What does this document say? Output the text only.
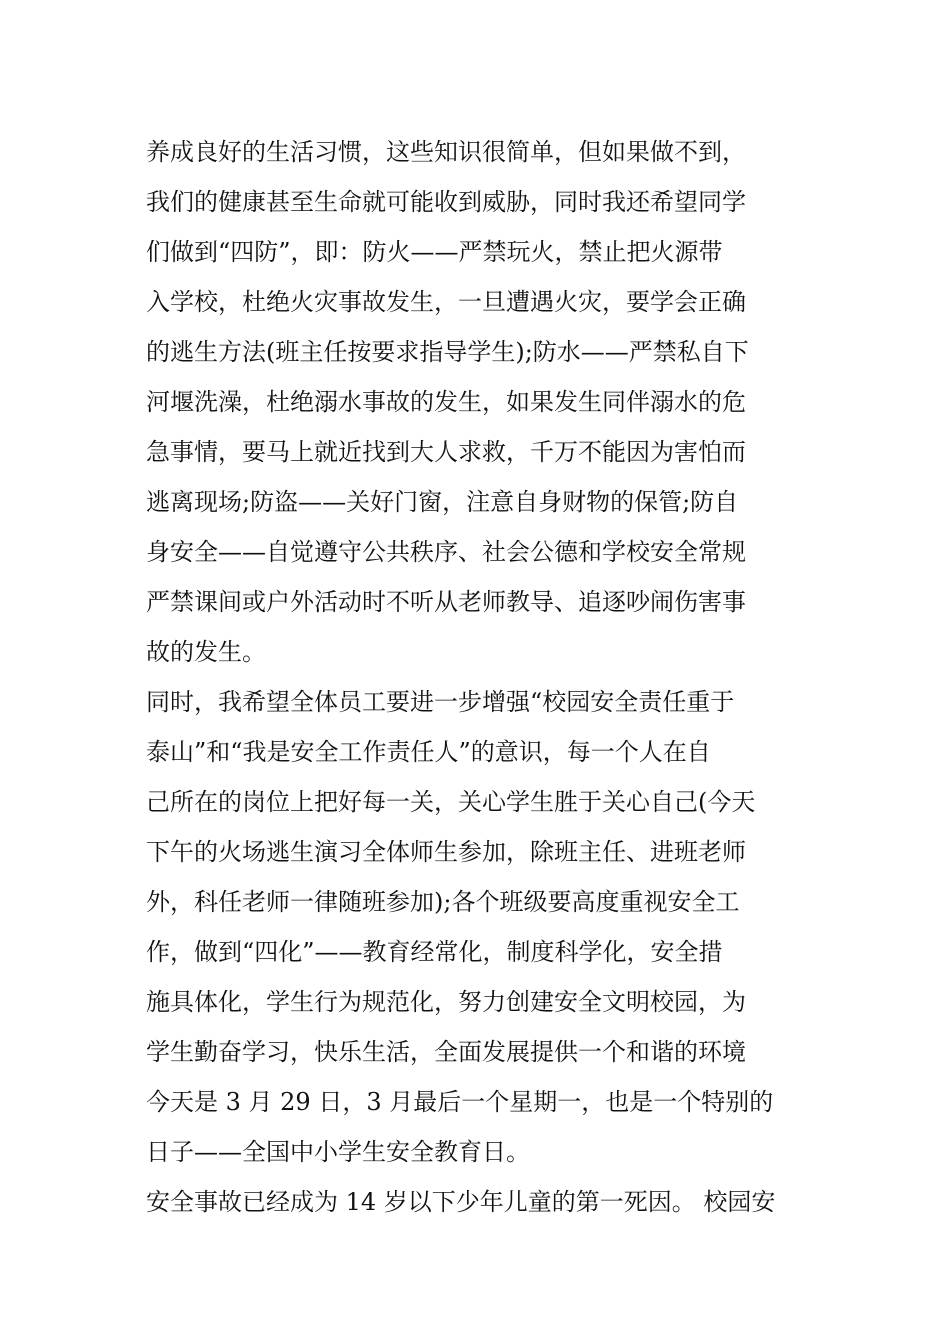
养成良好的生活习惯，这些知识很简单，但如果做不到，
我们的健康甚至生命就可能收到威胁，同时我还希望同学
们做到“四防”，即：防火——严禁玩火，禁止把火源带
入学校，杜绝火灾事故发生，一旦遭遇火灾，要学会正确
的逃生方法(班主任按要求指导学生);防水——严禁私自下
河堰洗澡，杜绝溺水事故的发生，如果发生同伴溺水的危
急事情，要马上就近找到大人求救，千万不能因为害怕而
逃离现场;防盗——关好门窗，注意自身财物的保管;防自
身安全——自觉遵守公共秩序、社会公德和学校安全常规
严禁课间或户外活动时不听从老师教导、追逐吵闹伤害事
故的发生。
同时，我希望全体员工要进一步增强“校园安全责任重于
泰山”和“我是安全工作责任人”的意识，每一个人在自
己所在的岗位上把好每一关，关心学生胜于关心自己(今天
下午的火场逃生演习全体师生参加，除班主任、进班老师
外，科任老师一律随班参加);各个班级要高度重视安全工
作，做到“四化”——教育经常化，制度科学化，安全措
施具体化，学生行为规范化，努力创建安全文明校园，为
学生勤奋学习，快乐生活，全面发展提供一个和谐的环境
今天是 3 月 29 日，3 月最后一个星期一，也是一个特别的
日子——全国中小学生安全教育日。
安全事故已经成为 14 岁以下少年儿童的第一死因。 校园安
